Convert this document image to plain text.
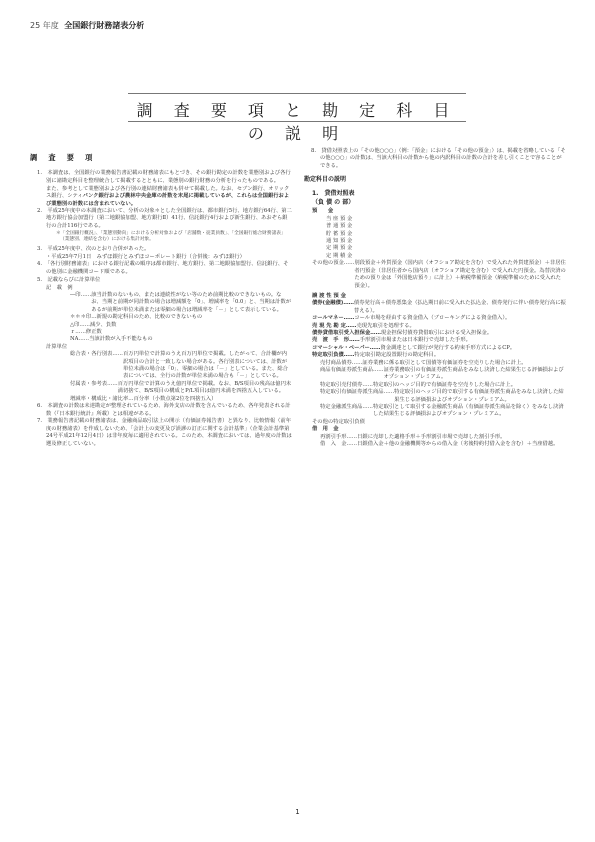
25 年度 全国銀行財務諸表分析
調 査 要 項 と 勘 定 科 目 の 説 明
調　査　要　項
1.　本調査は、全国銀行の業務報告書記載の財務諸表にもとづき、その銀行勘定の計数を業態別および各行別に諸勘定科目を整理統合して掲載するとともに、業態別の銀行財務の分析を行ったものである。
また、参考として業態別および各行別の連結財務諸表も併せて掲載した。なお、セブン銀行、オリックス銀行、シティバンク銀行および農林中央金庫の計数を末尾に掲載しているが、これらは全国銀行および業態別の計数には含まれていない。
2.　平成25年度中の本調査において、分析の対象＊とした全国銀行は、都市銀行5行、地方銀行64行、第二地方銀行協会加盟行（第二地銀協加盟、地方銀行Ⅱ）41行、信託銀行4行および新生銀行、あおぞら銀行の合計116行である。
＊「全国銀行概況」、「業態別動向」における分析対象および「店舗数・従業員数」、「全国銀行総合財務諸表」（業態別、連結を含む）における集計対象。
3.　平成25年度中、次のとおり合併があった。
・平成25年7月1日　みずほ銀行とみずほコーポレート銀行（合併後：みずほ銀行）
4.　「各行別財務諸表」における銀行記載の順序は都市銀行、地方銀行、第二地銀協加盟行、信託銀行、その他別に金融機関コード順である。
5.　記載ならびに計算単位
記　載　例
―印…… 該当計数のないもの、または連続性がない等のため前期比較のできないもの。なお、当期と前期が同計数の場合は増減額を「0」、増減率を「0.0」と、当期は計数があるが前期が単位未満または零細の場合は増減率を「－」として表示している。
＊＊＊印… 新規の勘定科目のため、比較のできないもの
△印…… 減少、負数
ｒ…… 修正数
NA…… 当該計数が入手不能なもの
計算単位
総合表・各行別表…… 百万円単位で計算のうえ百万円単位で掲載。したがって、合計欄が内訳項目の合計と一致しない場合がある。各行別表については、計数が単位未満の場合は「0」、零細の場合は「－」としている。また、総合表については、全行の計数が単位未満の場合も「－」としている。
付属表・参考表…… 百万円単位で計算のうえ億円単位で掲載。なお、B/S項目の残高は億円未満切捨て、B/S項目の構成とP/L項目は億円未満を四捨五入している。
増減率・構成比・諸比率… 百分率（小数点第2位を四捨五入）
6.　本調査の計数は未達勘定が整理されているため、海外支店の計数を含んでいるため、各年発表される計数（『日本銀行統計』所載）とは相違がある。
7.　業務報告書記載の財務諸表は、金融商品取引法上の開示（有価証券報告書）と異なり、比較情報（前年度の財務諸表）を作成しないため、「会計上の変更及び誤謬の訂正に関する会計基準」（企業会計基準第24号平成21年12月4日）は非年度毎に適用されている。このため、本調査においては、過年度の計数は遡及修正していない。
8.　貸借対照表上の「その他○○○」（例：「預金」における「その他の預金」）は、掲載を省略している「その他○○○」の計数は、当該大科目の計数から他の内訳科目の計数の合計を差し引くことで容ることができる。
勘定科目の説明
1.　貸借対照表
（負 債 の 部）
預　　金
当 座 預 金
普 通 預 金
貯 蓄 預 金
通 知 預 金
定 期 預 金
定 期 積 金
その他の預金…… 別段預金＋外貨預金（国内店（オフショア勘定を含む）で受入れた外貨建預金）＋非居住者円預金（非居住者から国内店（オフショア勘定を含む）で受入れた円預金。為替決済のための預り金は「外国他店預り」に計上）＋納税準備預金（納税準備のために受入れた預金）。
譲 渡 性 預 金
債券(金融債)…… 債券発行高＋債券悪集金（払込期日前に受入れた払込金、債券発行に伴い債券発行高に振替える）。
コールマネー…… コール市場を経由する資金借入（ブローキングによる資金借入）。
売 現 先 勘 定…… 売現先取引を処理する。
債券貸借取引受入担保金…… 現金担保付債券貸借取引における受入担保金。
売　渡　手　形…… 手形割引市場または日本銀行で売却した手形。
コマーシャル・ペーパー…… 資金調達として銀行が発行する約束手形方式によるCP。
特定取引負債…… 特定取引勘定設置銀行の勘定科目。
売付商品債券…… 証券業務に係る取引として国債等有価証券を空売りした場合に計上。
商品有価証券派生商品…… 証券業務取引の有価証券派生商品をみなし決済した結果生じる評価損およびオプション・プレミアム。
特定取引売付債券…… 特定取引のヘッジ目的で有価証券を空売りした場合に計上。
特定取引有価証券派生商品…… 特定取引のヘッジ目的で取引する有価証券派生商品をみなし決済した結果生じる評価損およびオプション・プレミアム。
特定金融派生商品…… 特定取引として取引する金融派生商品（有価証券派生商品を除く）をみなし決済した結果生じる評価損およびオプション・プレミアム。
その他の特定取引負債
借　用　金
再割引手形…… 日銀に売却した適格手形＋手形割引市場で売却した割引手形。
借　入　金…… 日銀借入金＋他の金融機関等からの借入金（劣後特約付借入金を含む）＋当座借越。
1
